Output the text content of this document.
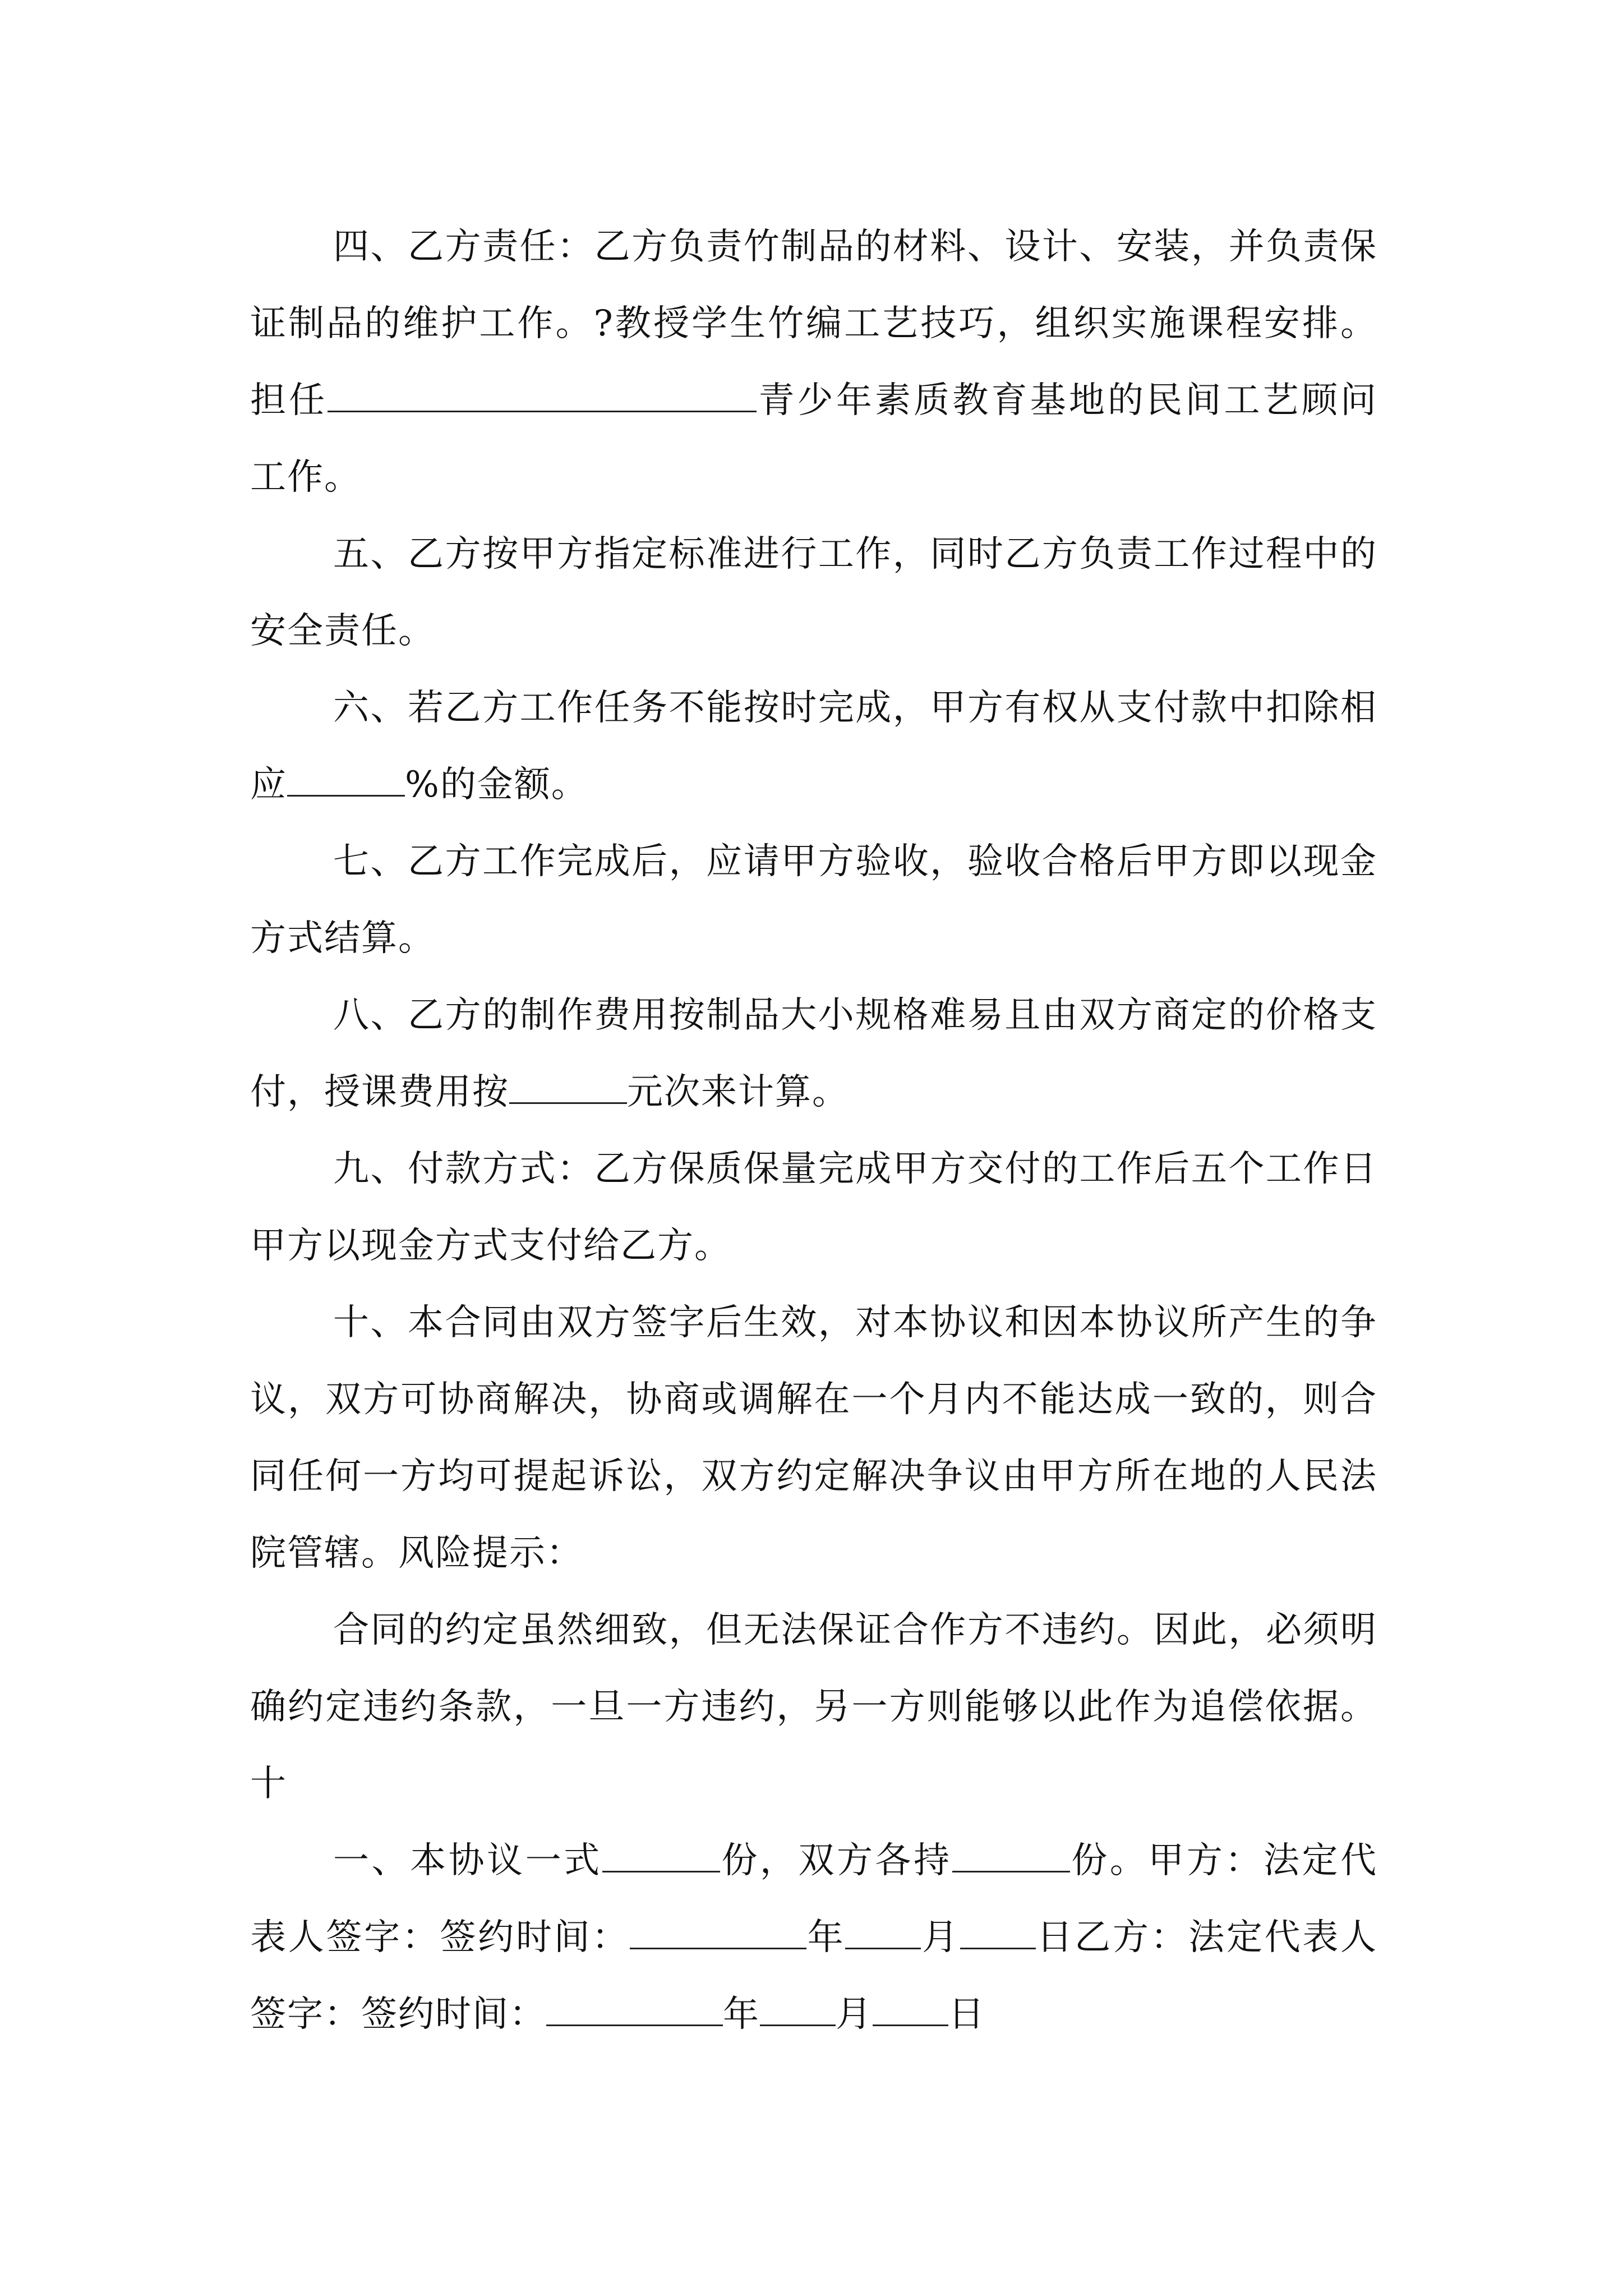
四、乙方责任：乙方负责竹制品的材料、设计、安装，并负责保证制品的维护工作。?教授学生竹编工艺技巧，组织实施课程安排。担任	青少年素质教育基地的民间工艺顾问工作。

五、乙方按甲方指定标准进行工作，同时乙方负责工作过程中的安全责任。

六、若乙方工作任务不能按时完成，甲方有权从支付款中扣除相应	%的金额。

七、乙方工作完成后，应请甲方验收，验收合格后甲方即以现金方式结算。

八、乙方的制作费用按制品大小规格难易且由双方商定的价格支付，授课费用按	元次来计算。

九、付款方式：乙方保质保量完成甲方交付的工作后五个工作日甲方以现金方式支付给乙方。

十、本合同由双方签字后生效，对本协议和因本协议所产生的争议，双方可协商解决，协商或调解在一个月内不能达成一致的，则合同任何一方均可提起诉讼，双方约定解决争议由甲方所在地的人民法院管辖。风险提示：

合同的约定虽然细致，但无法保证合作方不违约。因此，必须明确约定违约条款，一旦一方违约，另一方则能够以此作为追偿依据。 十

一、本协议一式	份，双方各持	份。甲方：法定代表人签字：签约时间：	年 月 日乙方：法定代表人签字：签约时间：	年 月 日
